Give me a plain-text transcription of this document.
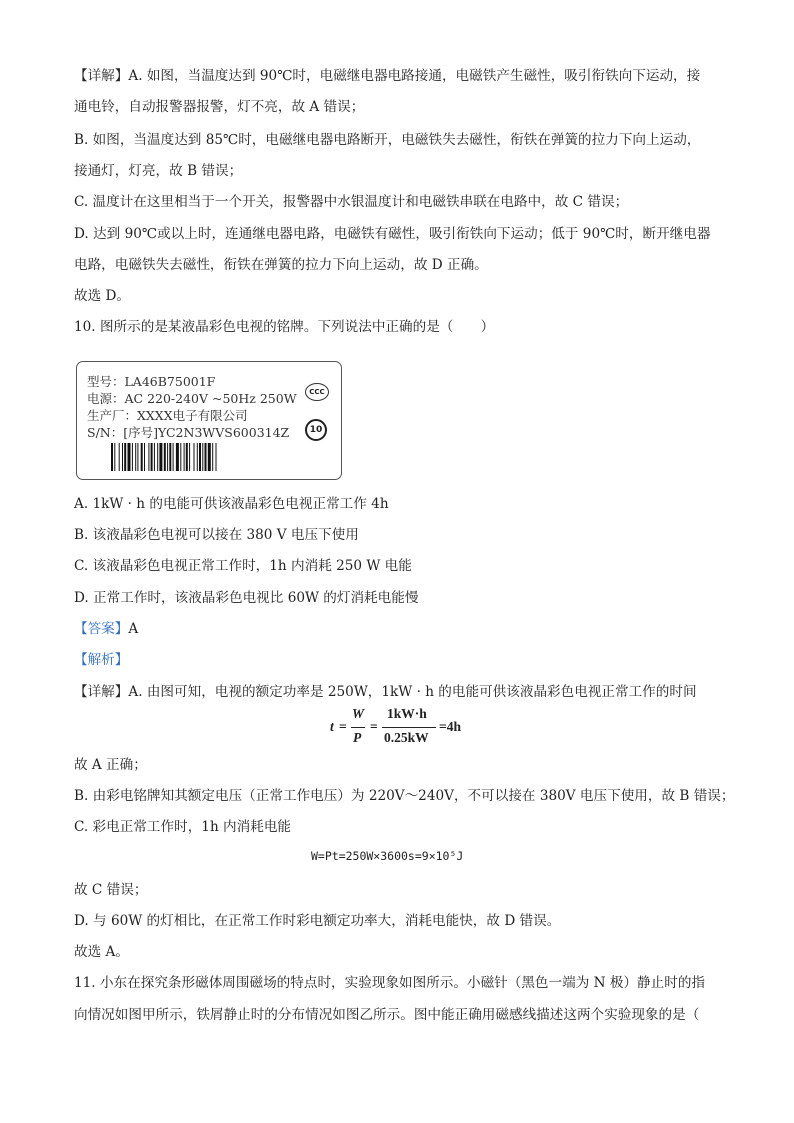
【详解】A. 如图，当温度达到 90℃时，电磁继电器电路接通，电磁铁产生磁性，吸引衔铁向下运动，接
通电铃，自动报警器报警，灯不亮，故 A 错误；
B. 如图，当温度达到 85℃时，电磁继电器电路断开，电磁铁失去磁性，衔铁在弹簧的拉力下向上运动，
接通灯，灯亮，故 B 错误；
C. 温度计在这里相当于一个开关，报警器中水银温度计和电磁铁串联在电路中，故 C 错误；
D. 达到 90℃或以上时，连通继电器电路，电磁铁有磁性，吸引衔铁向下运动；低于 90℃时，断开继电器
电路，电磁铁失去磁性，衔铁在弹簧的拉力下向上运动，故 D 正确。
故选 D。
10. 图所示的是某液晶彩色电视的铭牌。下列说法中正确的是（　　）
型号：LA46B75001F
电源：AC 220-240V ~50Hz 250W
生产厂：XXXX电子有限公司
S/N：[序号]YC2N3WVS600314Z
CCC
10
A. 1kW · h 的电能可供该液晶彩色电视正常工作 4h
B. 该液晶彩色电视可以接在 380 V 电压下使用
C. 该液晶彩色电视正常工作时，1h 内消耗 250 W 电能
D. 正常工作时，该液晶彩色电视比 60W 的灯消耗电能慢
【答案】A
【解析】
【详解】A. 由图可知，电视的额定功率是 250W，1kW · h 的电能可供该液晶彩色电视正常工作的时间
t =
W
P
=
1kW·h
0.25kW
=4h
故 A 正确；
B. 由彩电铭牌知其额定电压（正常工作电压）为 220V～240V，不可以接在 380V 电压下使用，故 B 错误；
C. 彩电正常工作时，1h 内消耗电能
W=Pt=250W×3600s=9×10⁵J
故 C 错误；
D. 与 60W 的灯相比，在正常工作时彩电额定功率大，消耗电能快，故 D 错误。
故选 A。
11. 小东在探究条形磁体周围磁场的特点时，实验现象如图所示。小磁针（黑色一端为 N 极）静止时的指
向情况如图甲所示，铁屑静止时的分布情况如图乙所示。图中能正确用磁感线描述这两个实验现象的是（
